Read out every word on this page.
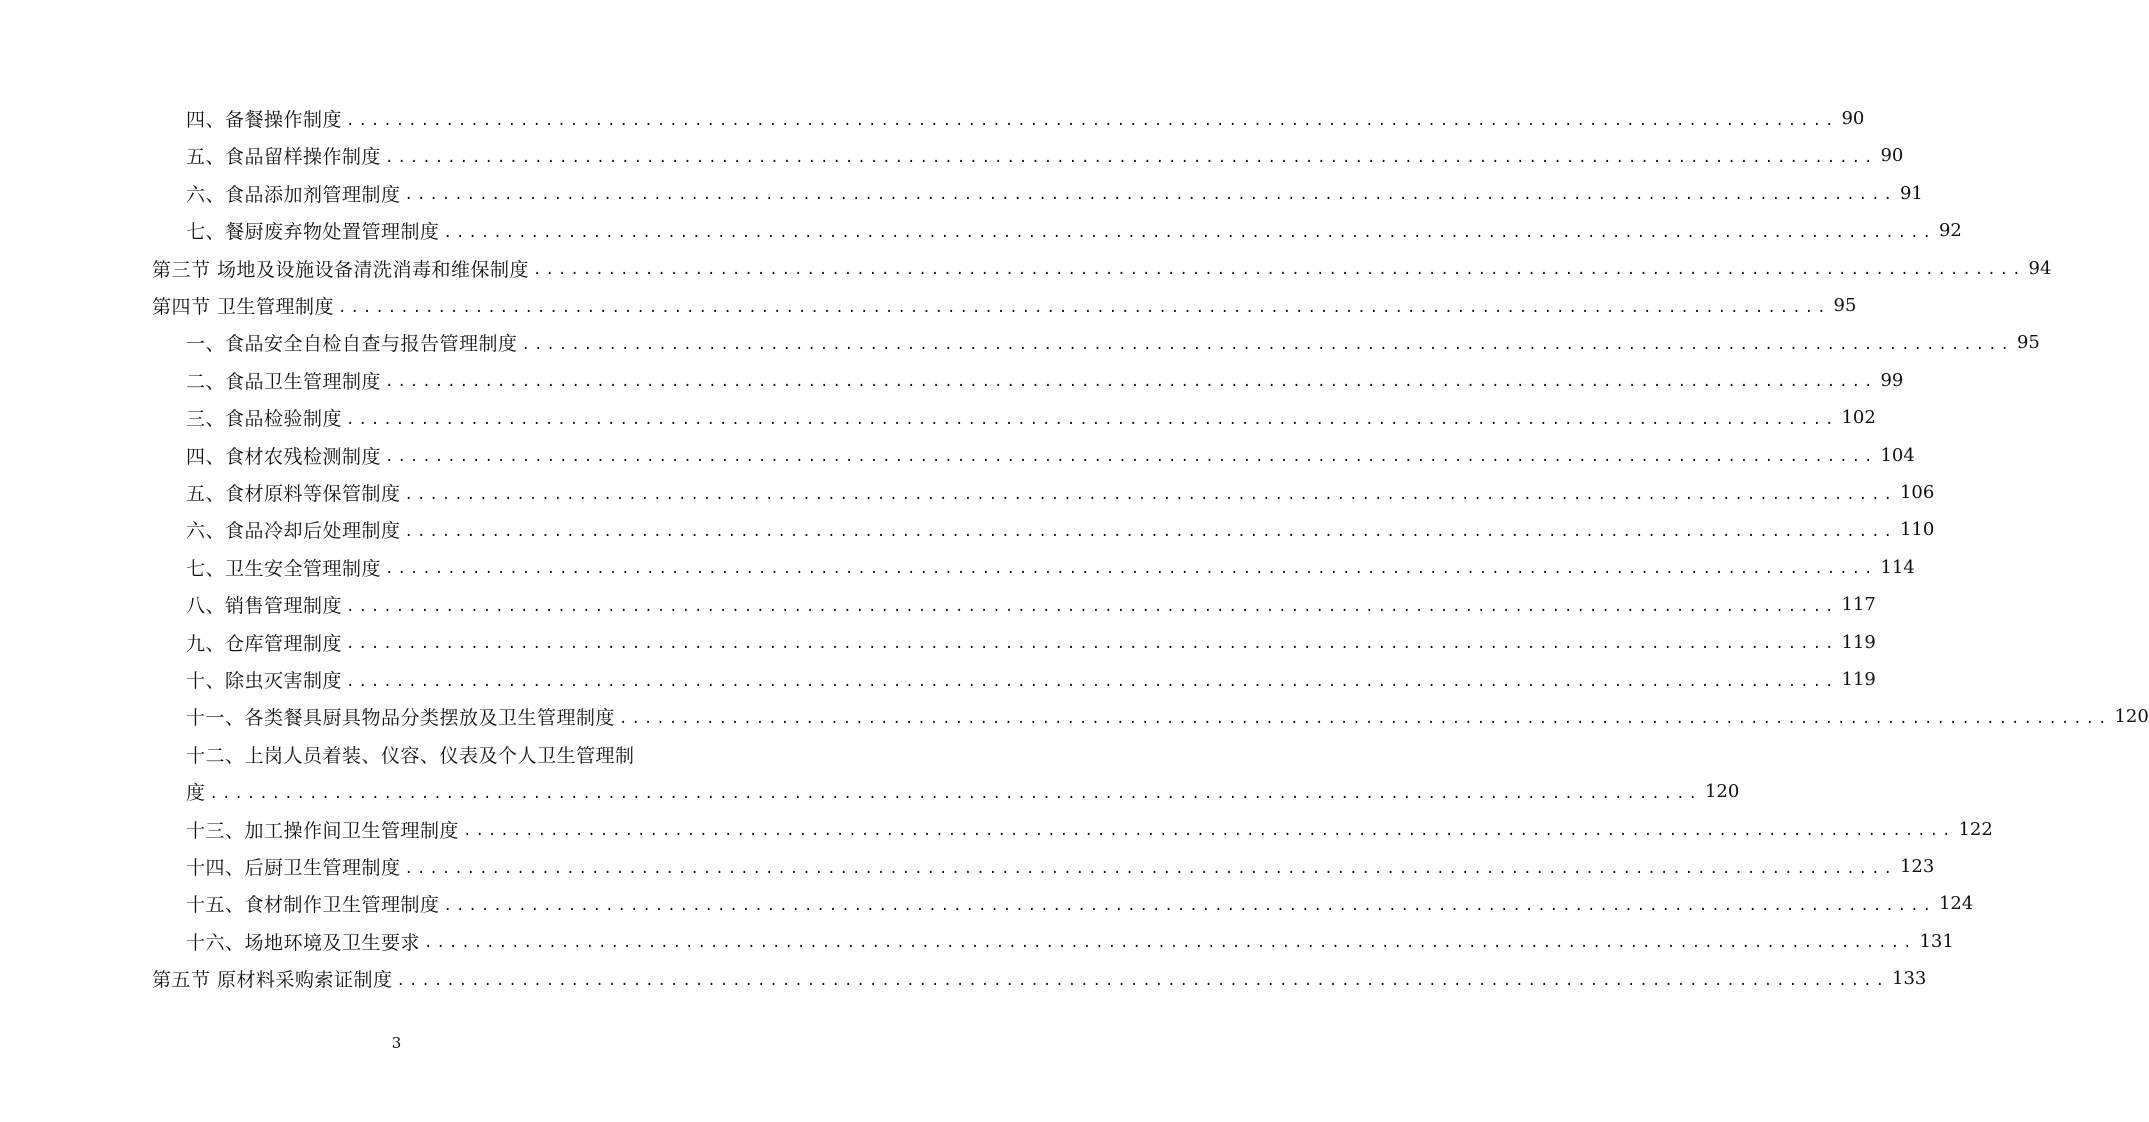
四、备餐操作制度 ........................................................................................................................ 90
五、食品留样操作制度 ........................................................................................................................ 90
六、食品添加剂管理制度 ........................................................................................................................ 91
七、餐厨废弃物处置管理制度 ........................................................................................................................ 92
第三节 场地及设施设备清洗消毒和维保制度 ........................................................................................................................ 94
第四节 卫生管理制度 ........................................................................................................................ 95
一、食品安全自检自查与报告管理制度 ........................................................................................................................ 95
二、食品卫生管理制度 ........................................................................................................................ 99
三、食品检验制度 ........................................................................................................................ 102
四、食材农残检测制度 ........................................................................................................................ 104
五、食材原料等保管制度 ........................................................................................................................ 106
六、食品冷却后处理制度 ........................................................................................................................ 110
七、卫生安全管理制度 ........................................................................................................................ 114
八、销售管理制度 ........................................................................................................................ 117
九、仓库管理制度 ........................................................................................................................ 119
十、除虫灭害制度 ........................................................................................................................ 119
十一、各类餐具厨具物品分类摆放及卫生管理制度 ........................................................................................................................ 120
十二、上岗人员着装、仪容、仪表及个人卫生管理制
度 ........................................................................................................................ 120
十三、加工操作间卫生管理制度 ........................................................................................................................ 122
十四、后厨卫生管理制度 ........................................................................................................................ 123
十五、食材制作卫生管理制度 ........................................................................................................................ 124
十六、场地环境及卫生要求 ........................................................................................................................ 131
第五节 原材料采购索证制度 ........................................................................................................................ 133
3
